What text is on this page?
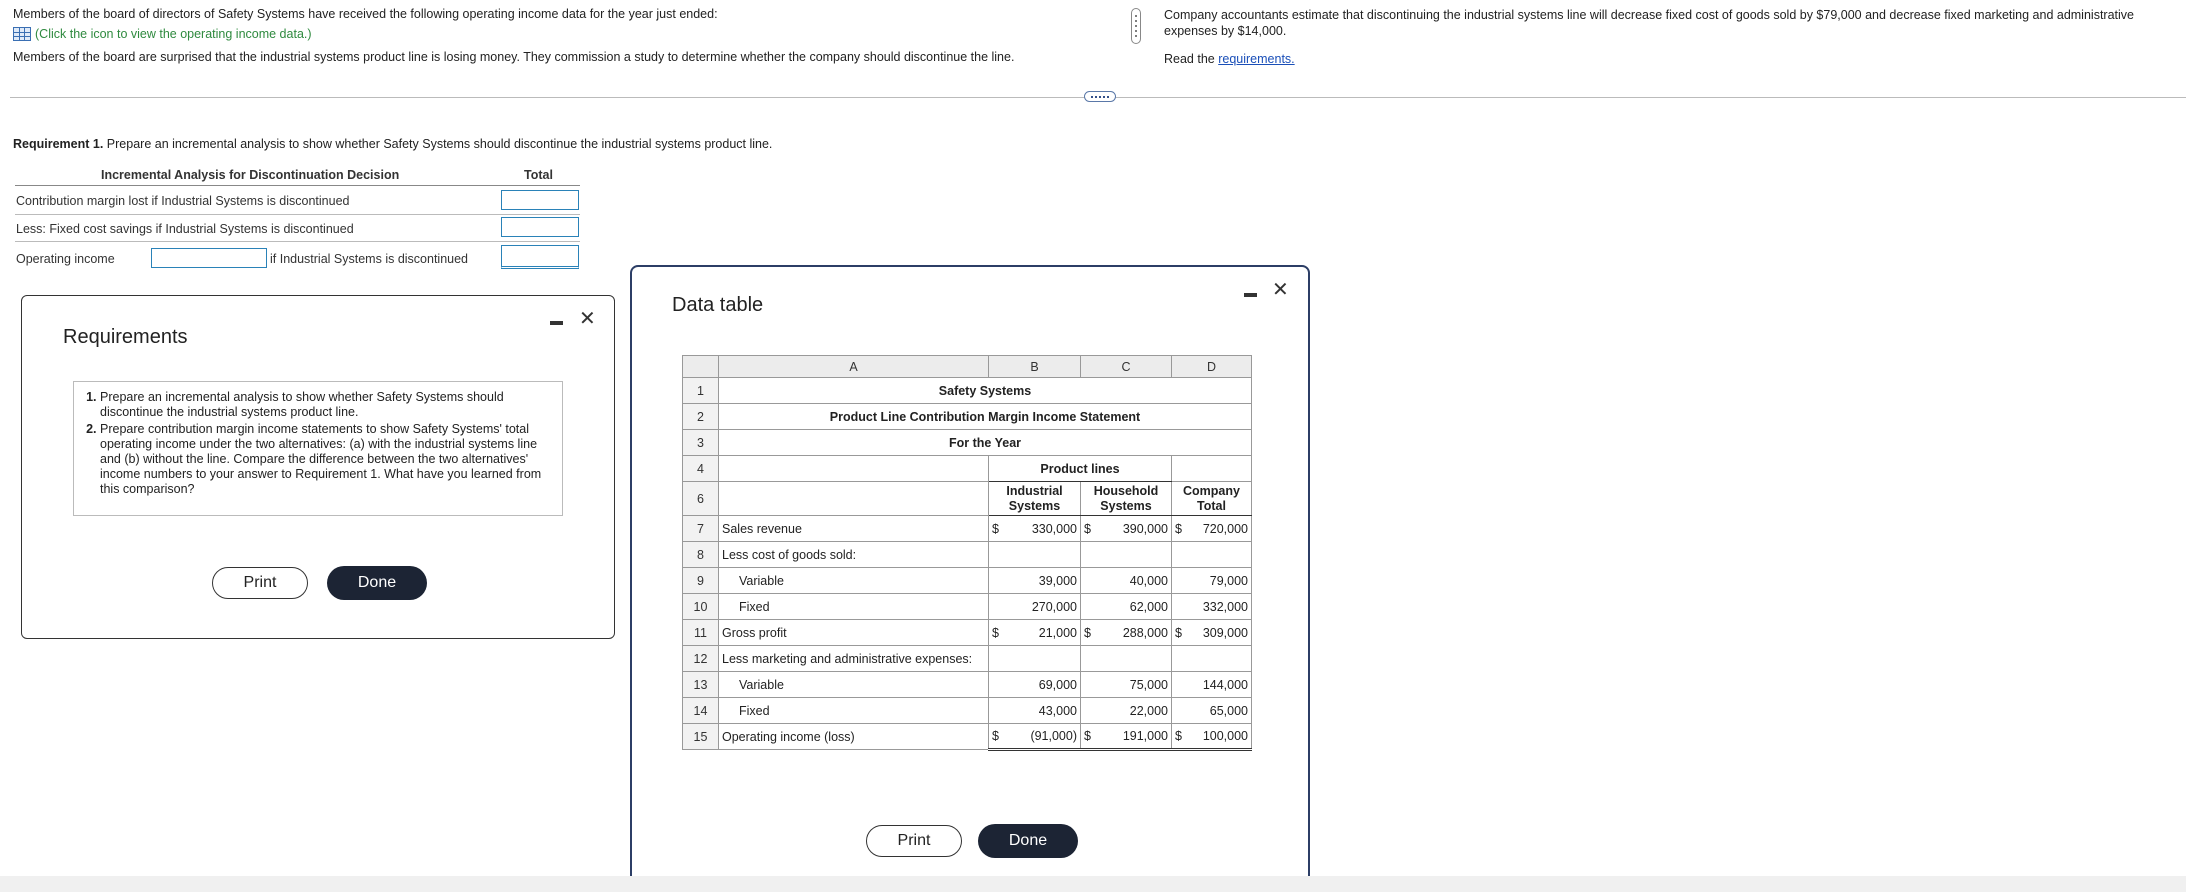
Members of the board of directors of Safety Systems have received the following operating income data for the year just ended:
(Click the icon to view the operating income data.)
Members of the board are surprised that the industrial systems product line is losing money. They commission a study to determine whether the company should discontinue the line.
Company accountants estimate that discontinuing the industrial systems line will decrease fixed cost of goods sold by $79,000 and decrease fixed marketing and administrative expenses by $14,000.
Read the requirements.
Requirement 1. Prepare an incremental analysis to show whether Safety Systems should discontinue the industrial systems product line.
Incremental Analysis for Discontinuation Decision	Total
Contribution margin lost if Industrial Systems is discontinued
Less: Fixed cost savings if Industrial Systems is discontinued
Operating income	if Industrial Systems is discontinued
Requirements
✕
1. Prepare an incremental analysis to show whether Safety Systems should discontinue the industrial systems product line.
2. Prepare contribution margin income statements to show Safety Systems' total operating income under the two alternatives: (a) with the industrial systems line and (b) without the line. Compare the difference between the two alternatives' income numbers to your answer to Requirement 1. What have you learned from this comparison?
Print	Done
Data table
✕
Print	Done
	A	B	C	D
1	Safety Systems			
2	Product Line Contribution Margin Income Statement			
3	For the Year			
4		Product lines		
6		Industrial Systems	Household Systems	Company Total
7	Sales revenue	$ 330,000	$ 390,000	$ 720,000

8	Less cost of goods sold:	

9	Variable	39,000	40,000	79,000

10	Fixed	270,000	62,000	332,000

11	Gross profit	$ 21,000	$ 288,000	$ 309,000

12	Less marketing and administrative expenses:	

13	Variable	69,000	75,000	144,000

14	Fixed	43,000	22,000	65,000

15	Operating income (loss)	$ (91,000)	$ 191,000	$ 100,000
